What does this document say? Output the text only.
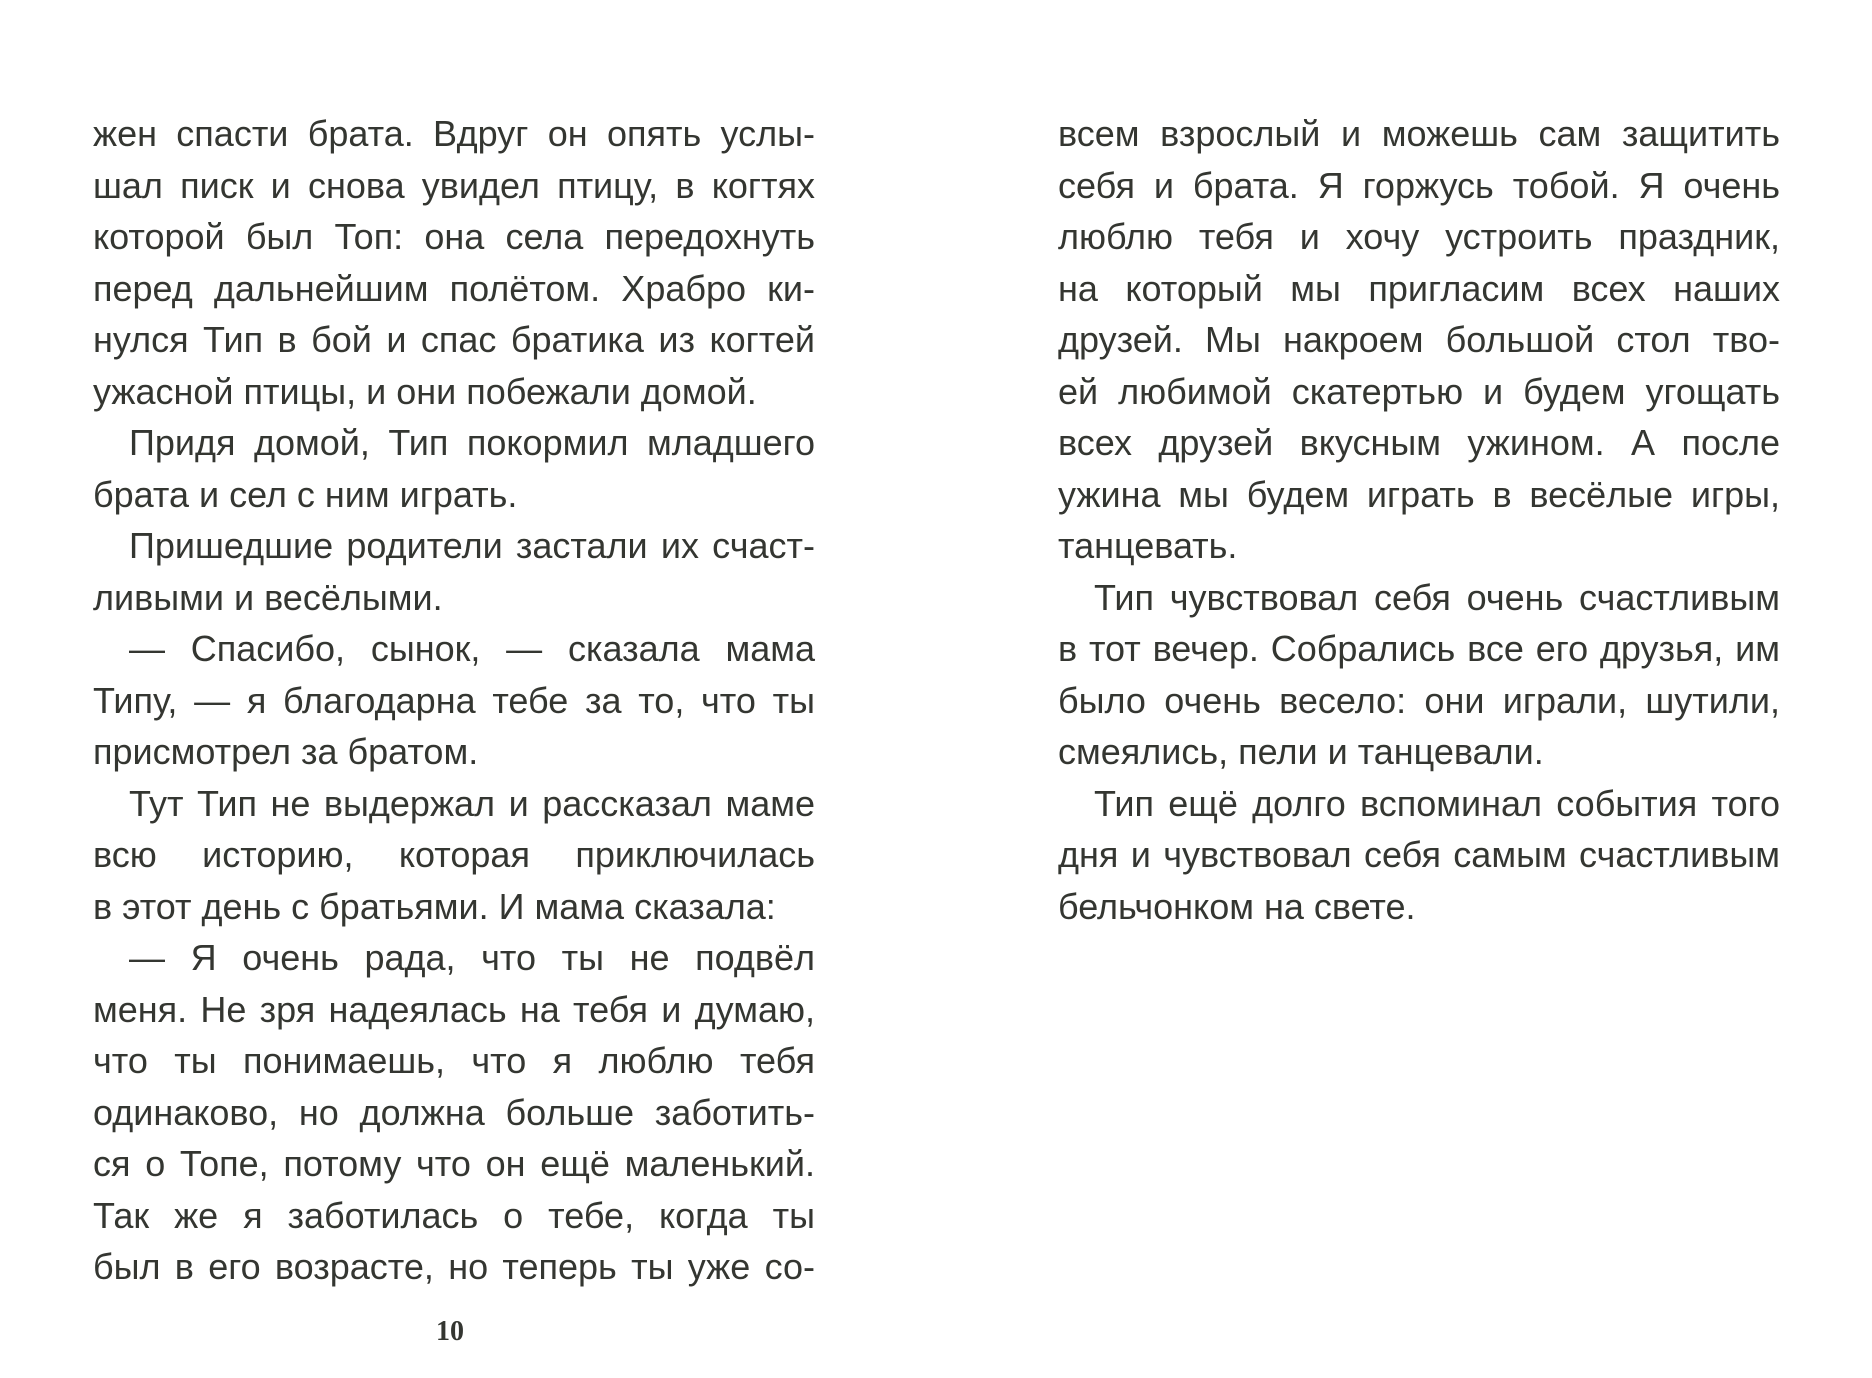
жен спасти брата. Вдруг он опять услы-
шал писк и снова увидел птицу, в когтях
которой был Топ: она села передохнуть
перед дальнейшим полётом. Храбро ки-
нулся Тип в бой и спас братика из когтей
ужасной птицы, и они побежали домой.
Придя домой, Тип покормил младшего
брата и сел с ним играть.
Пришедшие родители застали их счаст-
ливыми и весёлыми.
— Спасибо, сынок, — сказала мама
Типу, — я благодарна тебе за то, что ты
присмотрел за братом.
Тут Тип не выдержал и рассказал маме
всю историю, которая приключилась
в этот день с братьями. И мама сказала:
— Я очень рада, что ты не подвёл
меня. Не зря надеялась на тебя и думаю,
что ты понимаешь, что я люблю тебя
одинаково, но должна больше заботить-
ся о Топе, потому что он ещё маленький.
Так же я заботилась о тебе, когда ты
был в его возрасте, но теперь ты уже со-
всем взрослый и можешь сам защитить
себя и брата. Я горжусь тобой. Я очень
люблю тебя и хочу устроить праздник,
на который мы пригласим всех наших
друзей. Мы накроем большой стол тво-
ей любимой скатертью и будем угощать
всех друзей вкусным ужином. А после
ужина мы будем играть в весёлые игры,
танцевать.
Тип чувствовал себя очень счастливым
в тот вечер. Собрались все его друзья, им
было очень весело: они играли, шутили,
смеялись, пели и танцевали.
Тип ещё долго вспоминал события того
дня и чувствовал себя самым счастливым
бельчонком на свете.
10
